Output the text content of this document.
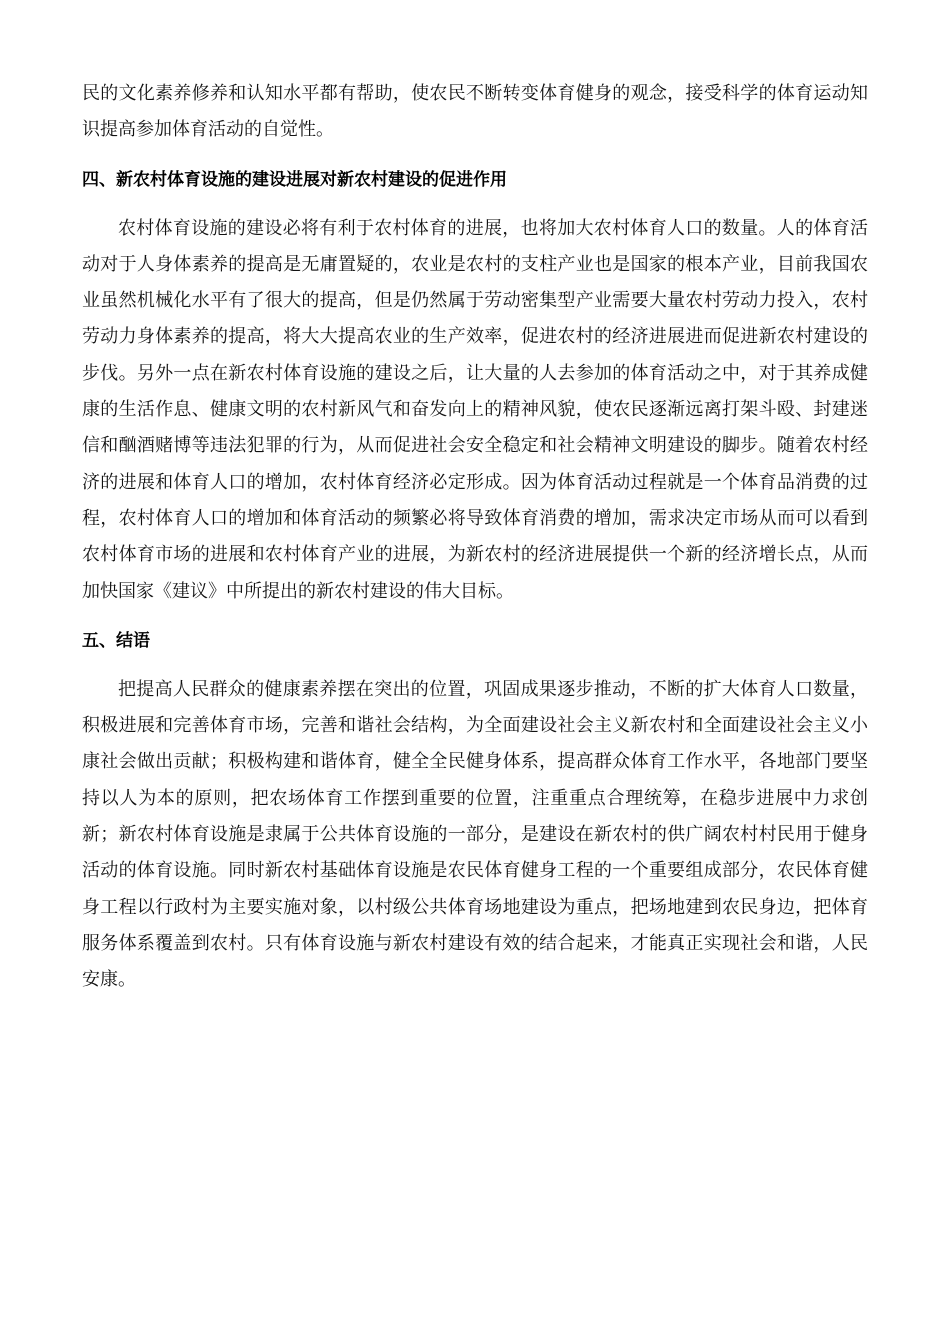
民的文化素养修养和认知水平都有帮助，使农民不断转变体育健身的观念，接受科学的体育运动知识提高参加体育活动的自觉性。

四、新农村体育设施的建设进展对新农村建设的促进作用

农村体育设施的建设必将有利于农村体育的进展，也将加大农村体育人口的数量。人的体育活动对于人身体素养的提高是无庸置疑的，农业是农村的支柱产业也是国家的根本产业，目前我国农业虽然机械化水平有了很大的提高，但是仍然属于劳动密集型产业需要大量农村劳动力投入，农村劳动力身体素养的提高，将大大提高农业的生产效率，促进农村的经济进展进而促进新农村建设的步伐。另外一点在新农村体育设施的建设之后，让大量的人去参加的体育活动之中，对于其养成健康的生活作息、健康文明的农村新风气和奋发向上的精神风貌，使农民逐渐远离打架斗殴、封建迷信和酗酒赌博等违法犯罪的行为，从而促进社会安全稳定和社会精神文明建设的脚步。随着农村经济的进展和体育人口的增加，农村体育经济必定形成。因为体育活动过程就是一个体育品消费的过程，农村体育人口的增加和体育活动的频繁必将导致体育消费的增加，需求决定市场从而可以看到农村体育市场的进展和农村体育产业的进展，为新农村的经济进展提供一个新的经济增长点，从而加快国家《建议》中所提出的新农村建设的伟大目标。

五、结语

把提高人民群众的健康素养摆在突出的位置，巩固成果逐步推动，不断的扩大体育人口数量，积极进展和完善体育市场，完善和谐社会结构，为全面建设社会主义新农村和全面建设社会主义小康社会做出贡献；积极构建和谐体育，健全全民健身体系，提高群众体育工作水平，各地部门要坚持以人为本的原则，把农场体育工作摆到重要的位置，注重重点合理统筹，在稳步进展中力求创新；新农村体育设施是隶属于公共体育设施的一部分，是建设在新农村的供广阔农村村民用于健身活动的体育设施。同时新农村基础体育设施是农民体育健身工程的一个重要组成部分，农民体育健身工程以行政村为主要实施对象，以村级公共体育场地建设为重点，把场地建到农民身边，把体育服务体系覆盖到农村。只有体育设施与新农村建设有效的结合起来，才能真正实现社会和谐，人民安康。
